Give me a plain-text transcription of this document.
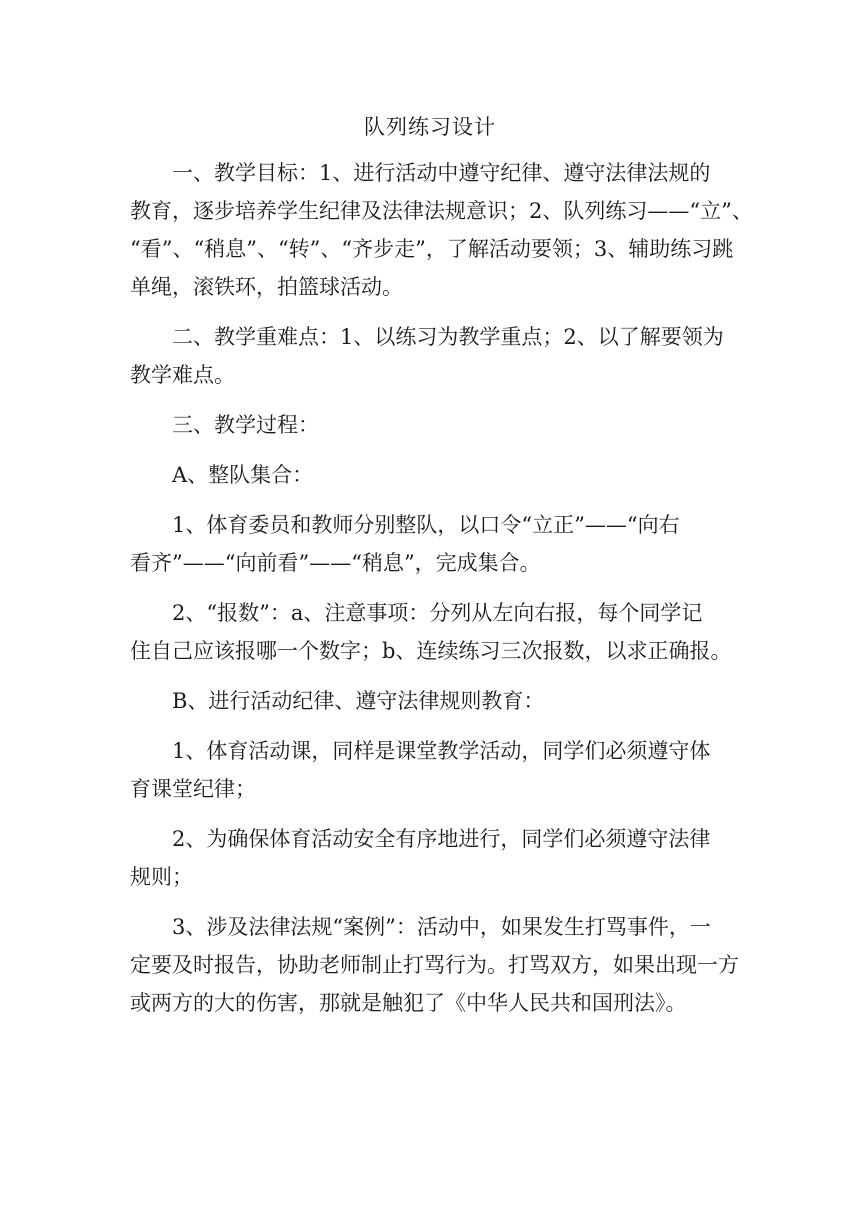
队列练习设计
一、教学目标：1、进行活动中遵守纪律、遵守法律法规的
教育，逐步培养学生纪律及法律法规意识；2、队列练习——“立”、
“看”、“稍息”、“转”、“齐步走”，了解活动要领；3、辅助练习跳
单绳，滚铁环，拍篮球活动。
二、教学重难点：1、以练习为教学重点；2、以了解要领为
教学难点。
三、教学过程：
A、整队集合：
1、体育委员和教师分别整队，以口令“立正”——“向右
看齐”——“向前看”——“稍息”，完成集合。
2、“报数”：a、注意事项：分列从左向右报，每个同学记
住自己应该报哪一个数字；b、连续练习三次报数，以求正确报。
B、进行活动纪律、遵守法律规则教育：
1、体育活动课，同样是课堂教学活动，同学们必须遵守体
育课堂纪律；
2、为确保体育活动安全有序地进行，同学们必须遵守法律
规则；
3、涉及法律法规“案例”：活动中，如果发生打骂事件，一
定要及时报告，协助老师制止打骂行为。打骂双方，如果出现一方
或两方的大的伤害，那就是触犯了《中华人民共和国刑法》。
